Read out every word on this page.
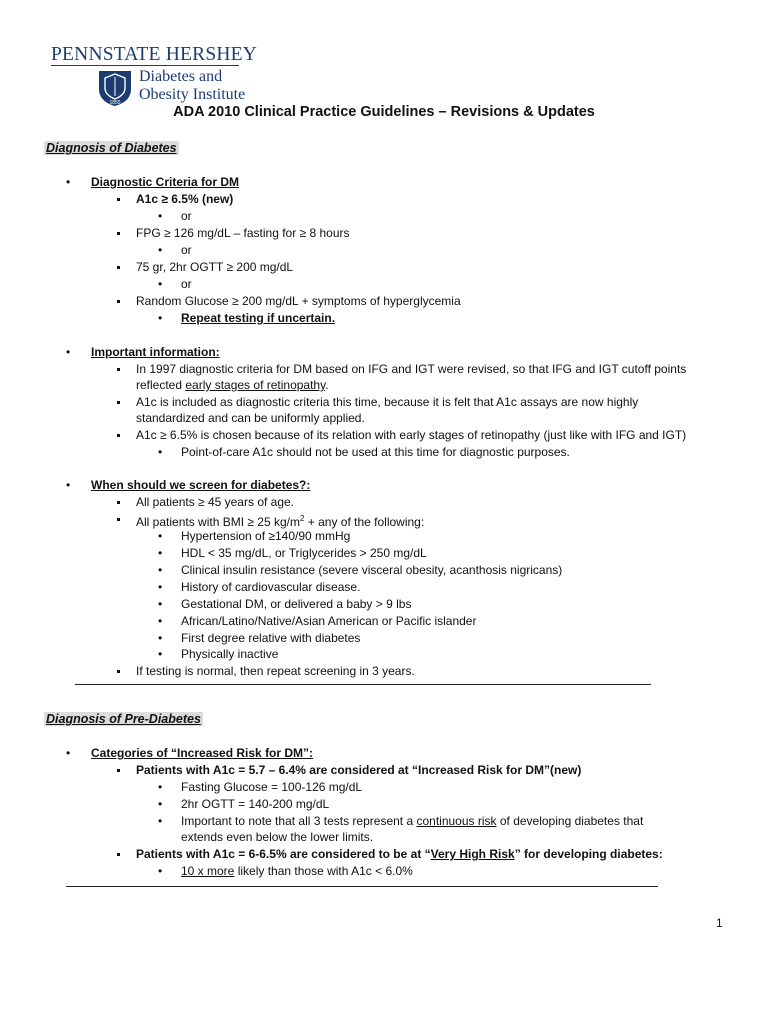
PENNSTATE HERSHEY
1855
Diabetes and
Obesity Institute
ADA 2010 Clinical Practice Guidelines – Revisions & Updates
Diagnosis of Diabetes
• Diagnostic Criteria for DM
A1c ≥ 6.5% (new)
• or
FPG ≥ 126 mg/dL – fasting for ≥ 8 hours
• or
75 gr, 2hr OGTT ≥ 200 mg/dL
• or
Random Glucose ≥ 200 mg/dL + symptoms of hyperglycemia
• Repeat testing if uncertain.
• Important information:
In 1997 diagnostic criteria for DM based on IFG and IGT were revised, so that IFG and IGT cutoff points
reflected early stages of retinopathy.
A1c is included as diagnostic criteria this time, because it is felt that A1c assays are now highly
standardized and can be uniformly applied.
A1c ≥ 6.5% is chosen because of its relation with early stages of retinopathy (just like with IFG and IGT)
• Point-of-care A1c should not be used at this time for diagnostic purposes.
• When should we screen for diabetes?:
All patients ≥ 45 years of age.
All patients with BMI ≥ 25 $kg/m^2$ + any of the following:
• Hypertension of ≥140/90 mmHg
• HDL < 35 mg/dL, or Triglycerides > 250 mg/dL
• Clinical insulin resistance (severe visceral obesity, acanthosis nigricans)
• History of cardiovascular disease.
• Gestational DM, or delivered a baby > 9 lbs
• African/Latino/Native/Asian American or Pacific islander
• First degree relative with diabetes
• Physically inactive
If testing is normal, then repeat screening in 3 years.
Diagnosis of Pre-Diabetes
• Categories of “Increased Risk for DM”:
Patients with A1c = 5.7 – 6.4% are considered at “Increased Risk for DM”(new)
• Fasting Glucose = 100-126 mg/dL
• 2hr OGTT = 140-200 mg/dL
• Important to note that all 3 tests represent a continuous risk of developing diabetes that
extends even below the lower limits.
Patients with A1c = 6-6.5% are considered to be at “Very High Risk” for developing diabetes:
• 10 x more likely than those with A1c < 6.0%
1
